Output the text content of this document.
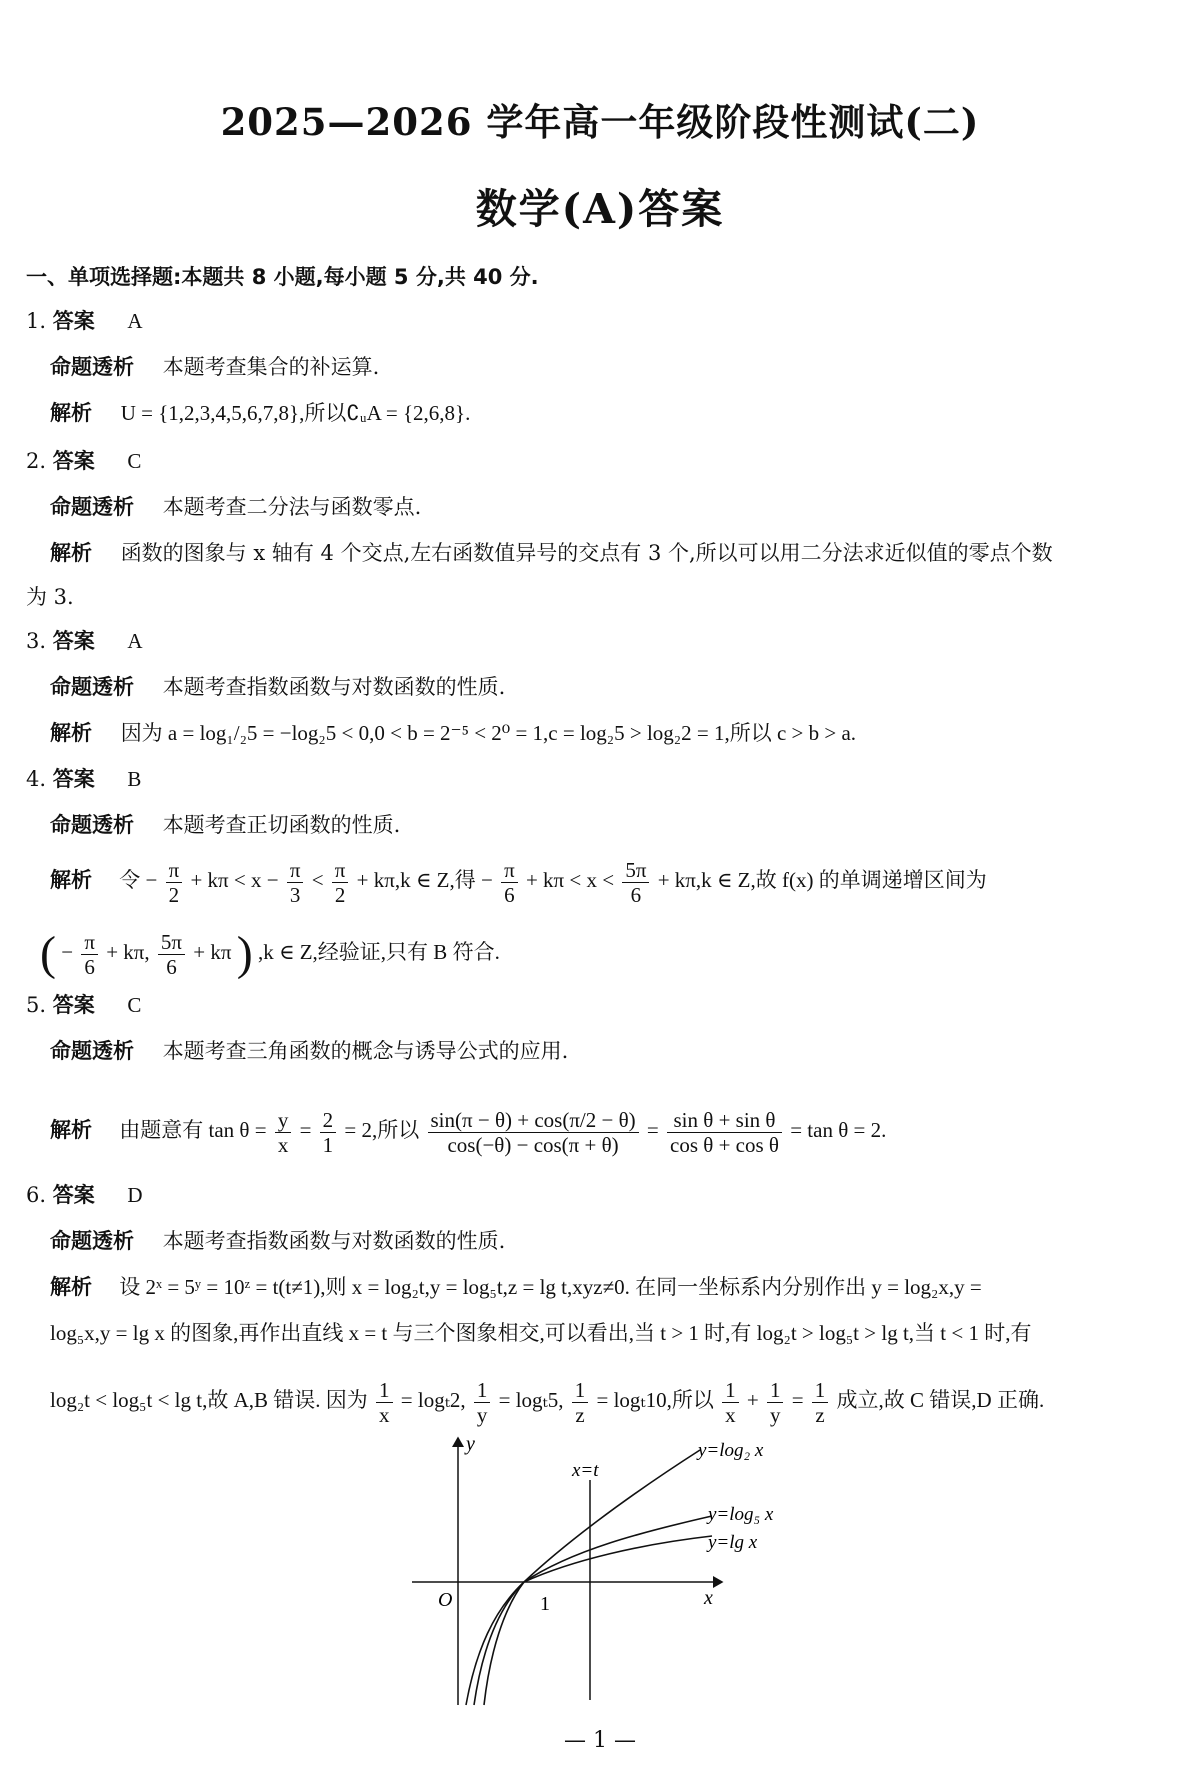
2025—2026 学年高一年级阶段性测试(二)
数学(A)答案
一、单项选择题:本题共 8 小题,每小题 5 分,共 40 分.
1. 答案 A
命题透析 本题考查集合的补运算.
解析 U = {1,2,3,4,5,6,7,8},所以∁ᵤA = {2,6,8}.
2. 答案 C
命题透析 本题考查二分法与函数零点.
解析 函数的图象与 x 轴有 4 个交点,左右函数值异号的交点有 3 个,所以可以用二分法求近似值的零点个数
为 3.
3. 答案 A
命题透析 本题考查指数函数与对数函数的性质.
解析 因为 a = log₁/₂5 = −log₂5 < 0,0 < b = 2⁻⁵ < 2⁰ = 1,c = log₂5 > log₂2 = 1,所以 c > b > a.
4. 答案 B
命题透析 本题考查正切函数的性质.
解析 令 − $\frac{\pi}{2} + k\pi < x - \frac{\pi}{3} < \frac{\pi}{2} + k\pi,k$ ∈ Z,得 − $\frac{\pi}{6} + k\pi < x < \frac{5\pi}{6} + k\pi,k$ ∈ Z,故 f(x) 的单调递增区间为
( − $\frac{\pi}{6} + k\pi$, $\frac{5\pi}{6} + k\pi$ ) ,k ∈ Z,经验证,只有 B 符合.
5. 答案 C
命题透析 本题考查三角函数的概念与诱导公式的应用.
解析 由题意有 $\tan \theta = \frac{y}{x} = \frac{2}{1} = 2$,所以 $\frac{\sin(\pi - \theta) + \cos(\pi/2 - \theta)}{\cos(-\theta) - \cos(\pi + \theta)} = \frac{\text{sin θ + sin θ}}{\text{cos θ + cos θ}} = \tan \theta = 2$.
6. 答案 D
命题透析 本题考查指数函数与对数函数的性质.
解析 设 2ˣ = 5ʸ = 10ᶻ = t(t≠1),则 x = log₂t,y = log₅t,z = lg t,xyz≠0. 在同一坐标系内分别作出 y = log₂x,y =
log₅x,y = lg x 的图象,再作出直线 x = t 与三个图象相交,可以看出,当 t > 1 时,有 log₂t > log₅t > lg t,当 t < 1 时,有
log₂t < log₅t < lg t,故 A,B 错误. 因为 $\frac{1}{x} = \log_t2$, $\frac{1}{y} = \log_t5$, $\frac{1}{z} = \log_t10$,所以 $\frac{1}{x} + \frac{1}{y} = \frac{1}{z}$ 成立,故 C 错误,D 正确.
y
x
O	1
x=t
y=log₂ x
y=log₅ x
y=lg x
— 1 —
